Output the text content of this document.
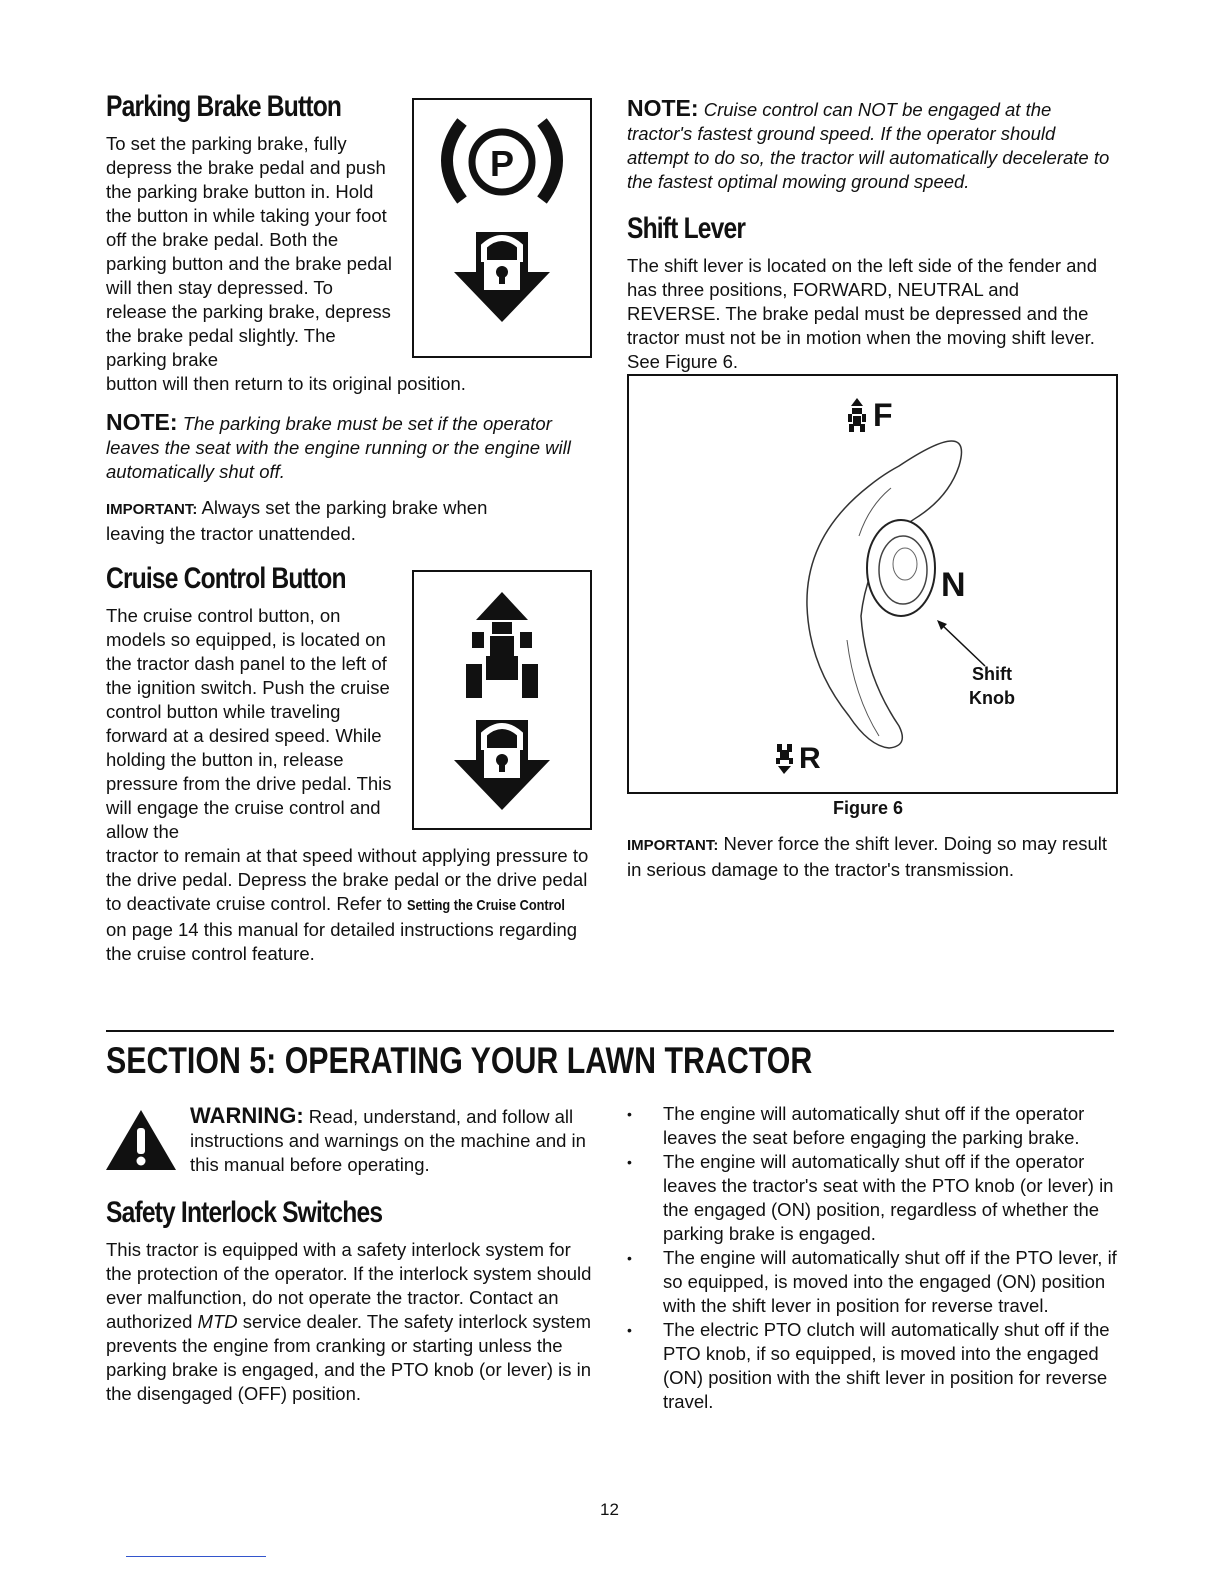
Parking Brake Button
To set the parking brake, fully depress the brake pedal and push the parking brake button in. Hold the button in while taking your foot off the brake pedal. Both the parking button and the brake pedal will then stay depressed. To release the parking brake, depress the brake pedal slightly. The parking brake
button will then return to its original position.
P
NOTE: The parking brake must be set if the operator leaves the seat with the engine running or the engine will automatically shut off.
IMPORTANT: Always set the parking brake when leaving the tractor unattended.
Cruise Control Button
The cruise control button, on models so equipped, is located on the tractor dash panel to the left of the ignition switch. Push the cruise control button while traveling forward at a desired speed. While holding the button in, release pressure from the drive pedal. This will engage the cruise control and allow the
tractor to remain at that speed without applying pressure to the drive pedal. Depress the brake pedal or the drive pedal to deactivate cruise control. Refer to Setting the Cruise Control on page 14 this manual for detailed instructions regarding the cruise control feature.
NOTE: Cruise control can NOT be engaged at the tractor's fastest ground speed. If the operator should attempt to do so, the tractor will automatically decelerate to the fastest optimal mowing ground speed.
Shift Lever
The shift lever is located on the left side of the fender and has three positions, FORWARD, NEUTRAL and REVERSE. The brake pedal must be depressed and the tractor must not be in motion when the moving shift lever. See Figure 6.
F
N
Shift
Knob
R
Figure 6
IMPORTANT: Never force the shift lever. Doing so may result in serious damage to the tractor's transmission.
SECTION 5: OPERATING YOUR LAWN TRACTOR
WARNING: Read, understand, and follow all instructions and warnings on the machine and in this manual before operating.
Safety Interlock Switches
This tractor is equipped with a safety interlock system for the protection of the operator. If the interlock system should ever malfunction, do not operate the tractor. Contact an authorized MTD service dealer. The safety interlock system prevents the engine from cranking or starting unless the parking brake is engaged, and the PTO knob (or lever) is in the disengaged (OFF) position.
• The engine will automatically shut off if the operator leaves the seat before engaging the parking brake.
• The engine will automatically shut off if the operator leaves the tractor's seat with the PTO knob (or lever) in the engaged (ON) position, regardless of whether the parking brake is engaged.
• The engine will automatically shut off if the PTO lever, if so equipped, is moved into the engaged (ON) position with the shift lever in position for reverse travel.
• The electric PTO clutch will automatically shut off if the PTO knob, if so equipped, is moved into the engaged (ON) position with the shift lever in position for reverse travel.
12
